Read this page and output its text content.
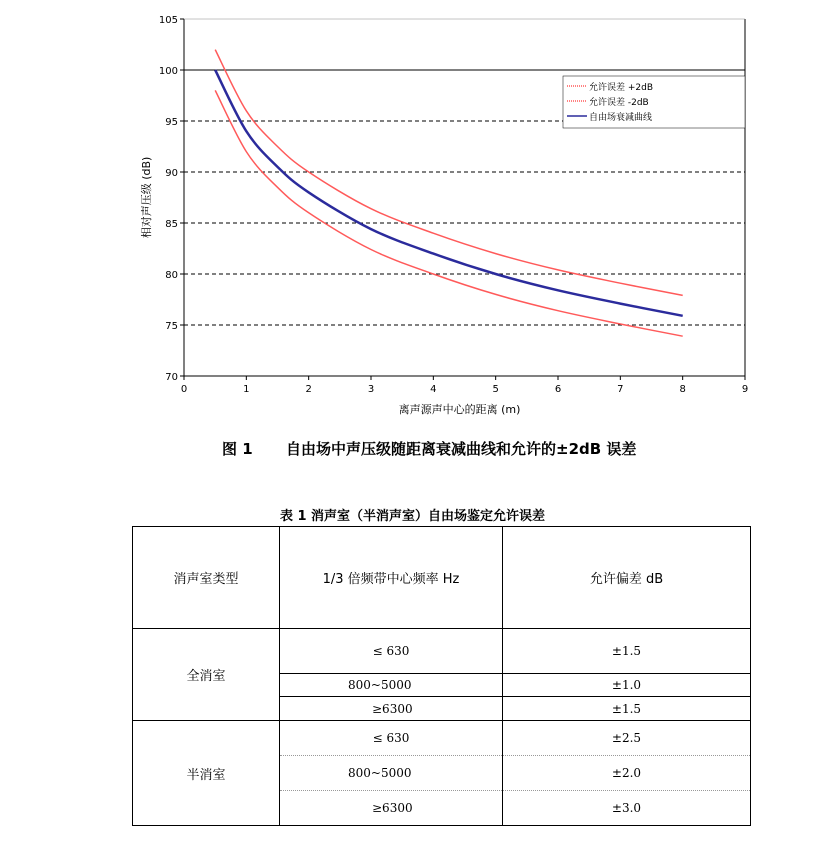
70
75
80
85
90
95
100
105
0	1	2	3	4	5	6	7	8	9
离声源声中心的距离 (m)
相对声压级 (dB)
允许误差 +2dB
允许误差 -2dB
自由场衰减曲线
图 1 自由场中声压级随距离衰减曲线和允许的±2dB 误差
表 1 消声室（半消声室）自由场鉴定允许误差
消声室类型	1/3 倍频带中心频率 Hz	允许偏差 dB
全消室	≤ 630	±1.5
	800~5000	±1.0
	≥6300	±1.5
半消室	≤ 630	±2.5
	800~5000	±2.0
	≥6300	±3.0
